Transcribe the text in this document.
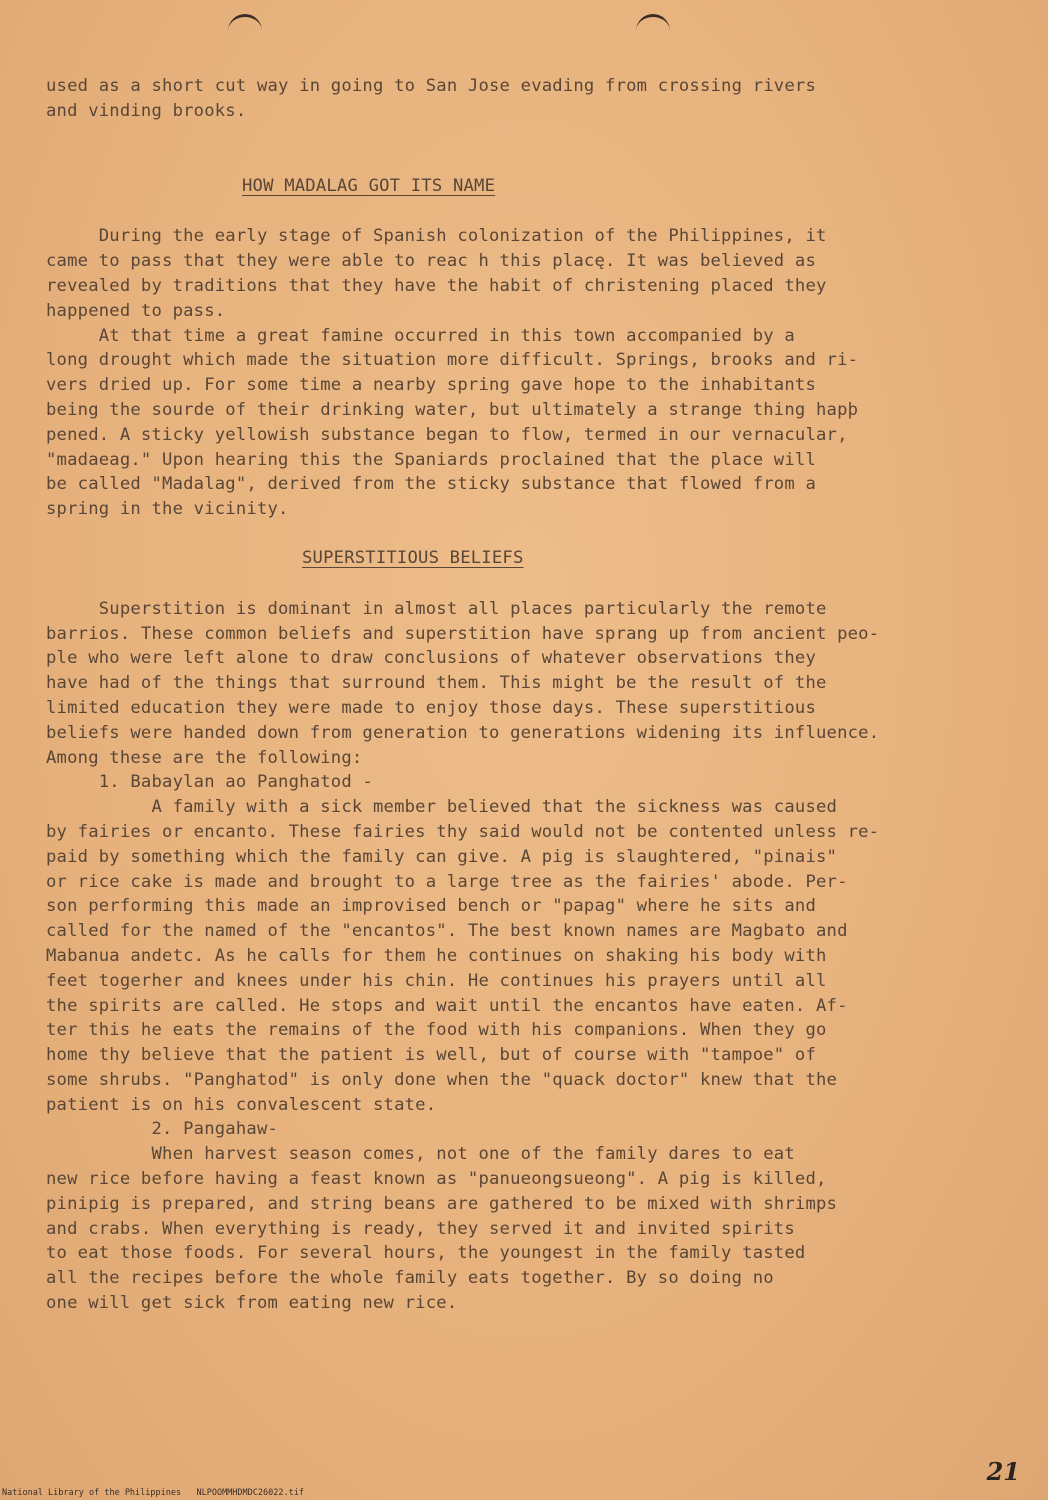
used as a short cut way in going to San Jose evading from crossing rivers
and vinding brooks.
HOW MADALAG GOT ITS NAME
During the early stage of Spanish colonization of the Philippines, it
came to pass that they were able to reac h this placę. It was believed as
revealed by traditions that they have the habit of christening placed they
happened to pass.
At that time a great famine occurred in this town accompanied by a
long drought which made the situation more difficult. Springs, brooks and ri-
vers dried up. For some time a nearby spring gave hope to the inhabitants
being the sourde of their drinking water, but ultimately a strange thing hapþ
pened. A sticky yellowish substance began to flow, termed in our vernacular,
"madaeag." Upon hearing this the Spaniards proclained that the place will
be called "Madalag", derived from the sticky substance that flowed from a
spring in the vicinity.
SUPERSTITIOUS BELIEFS
Superstition is dominant in almost all places particularly the remote
barrios. These common beliefs and superstition have sprang up from ancient peo-
ple who were left alone to draw conclusions of whatever observations they
have had of the things that surround them. This might be the result of the
limited education they were made to enjoy those days. These superstitious
beliefs were handed down from generation to generations widening its influence.
Among these are the following:
1. Babaylan ao Panghatod -
A family with a sick member believed that the sickness was caused
by fairies or encanto. These fairies thy said would not be contented unless re-
paid by something which the family can give. A pig is slaughtered, "pinais"
or rice cake is made and brought to a large tree as the fairies' abode. Per-
son performing this made an improvised bench or "papag" where he sits and
called for the named of the "encantos". The best known names are Magbato and
Mabanua andetc. As he calls for them he continues on shaking his body with
feet togerher and knees under his chin. He continues his prayers until all
the spirits are called. He stops and wait until the encantos have eaten. Af-
ter this he eats the remains of the food with his companions. When they go
home thy believe that the patient is well, but of course with "tampoe" of
some shrubs. "Panghatod" is only done when the "quack doctor" knew that the
patient is on his convalescent state.
2. Pangahaw-
When harvest season comes, not one of the family dares to eat
new rice before having a feast known as "panueongsueong". A pig is killed,
pinipig is prepared, and string beans are gathered to be mixed with shrimps
and crabs. When everything is ready, they served it and invited spirits
to eat those foods. For several hours, the youngest in the family tasted
all the recipes before the whole family eats together. By so doing no
one will get sick from eating new rice.
National Library of the Philippines NLPOOMMHDMDC26022.tif
21
